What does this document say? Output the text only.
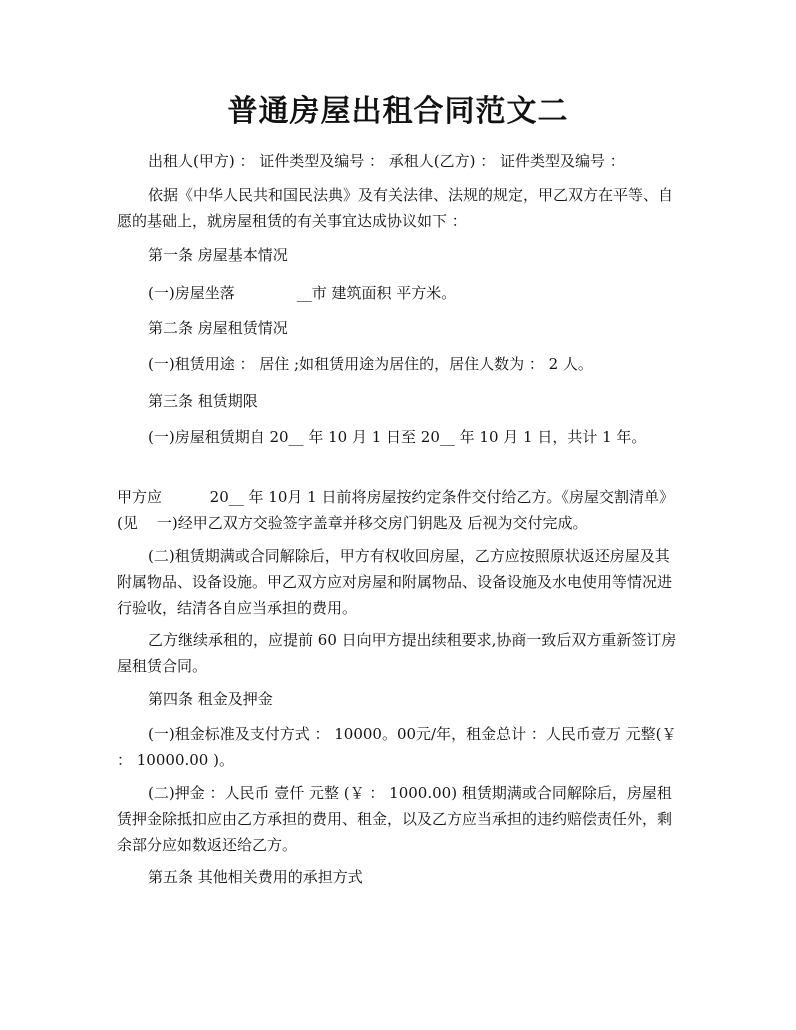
普通房屋出租合同范文二

出租人(甲方) ： 证件类型及编号 ： 承租人(乙方) ： 证件类型及编号 ：

依据《中华人民共和国民法典》及有关法律、法规的规定，甲乙双方在平等、自愿的基础上，就房屋租赁的有关事宜达成协议如下 ：

第一条 房屋基本情况

(一)房屋坐落             __市 建筑面积 平方米。

第二条 房屋租赁情况

(一)租赁用途 ： 居住 ;如租赁用途为居住的，居住人数为 ： 2 人。

第三条 租赁期限

(一)房屋租赁期自 20__ 年 10 月 1 日至 20__ 年 10 月 1 日，共计 1 年。

甲方应          20__ 年 10月 1 日前将房屋按约定条件交付给乙方。《房屋交割清单》(见    一)经甲乙双方交验签字盖章并移交房门钥匙及 后视为交付完成。

(二)租赁期满或合同解除后，甲方有权收回房屋，乙方应按照原状返还房屋及其附属物品、设备设施。甲乙双方应对房屋和附属物品、设备设施及水电使用等情况进行验收，结清各自应当承担的费用。

乙方继续承租的，应提前 60 日向甲方提出续租要求,协商一致后双方重新签订房屋租赁合同。

第四条 租金及押金

(一)租金标准及支付方式 ： 10000。00元/年，租金总计 ：人民币壹万 元整(￥ ： 10000.00 )。

(二)押金 ：人民币 壹仟 元整 (￥ ： 1000.00) 租赁期满或合同解除后，房屋租赁押金除抵扣应由乙方承担的费用、租金，以及乙方应当承担的违约赔偿责任外，剩余部分应如数返还给乙方。

第五条 其他相关费用的承担方式
